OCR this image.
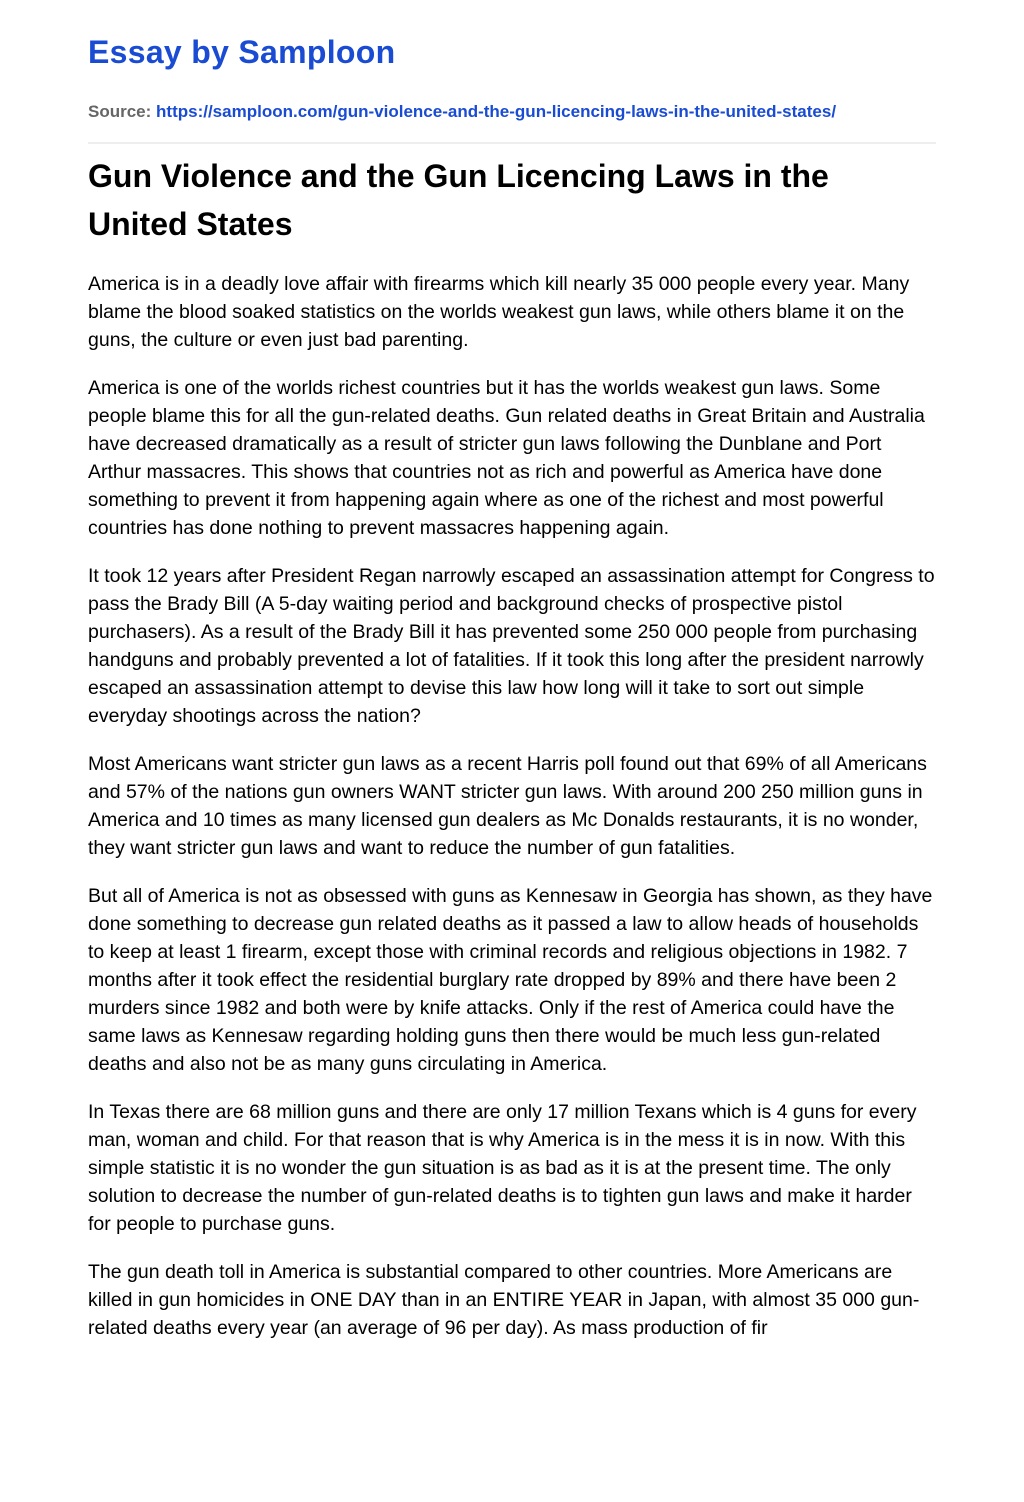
Essay by Samploon
Source: https://samploon.com/gun-violence-and-the-gun-licencing-laws-in-the-united-states/
Gun Violence and the Gun Licencing Laws in the United States

America is in a deadly love affair with firearms which kill nearly 35 000 people every year. Many blame the blood soaked statistics on the worlds weakest gun laws, while others blame it on the guns, the culture or even just bad parenting.

America is one of the worlds richest countries but it has the worlds weakest gun laws. Some people blame this for all the gun-related deaths. Gun related deaths in Great Britain and Australia have decreased dramatically as a result of stricter gun laws following the Dunblane and Port Arthur massacres. This shows that countries not as rich and powerful as America have done something to prevent it from happening again where as one of the richest and most powerful countries has done nothing to prevent massacres happening again.

It took 12 years after President Regan narrowly escaped an assassination attempt for Congress to pass the Brady Bill (A 5-day waiting period and background checks of prospective pistol purchasers). As a result of the Brady Bill it has prevented some 250 000 people from purchasing handguns and probably prevented a lot of fatalities. If it took this long after the president narrowly escaped an assassination attempt to devise this law how long will it take to sort out simple everyday shootings across the nation?

Most Americans want stricter gun laws as a recent Harris poll found out that 69% of all Americans and 57% of the nations gun owners WANT stricter gun laws. With around 200 250 million guns in America and 10 times as many licensed gun dealers as Mc Donalds restaurants, it is no wonder, they want stricter gun laws and want to reduce the number of gun fatalities.

But all of America is not as obsessed with guns as Kennesaw in Georgia has shown, as they have done something to decrease gun related deaths as it passed a law to allow heads of households to keep at least 1 firearm, except those with criminal records and religious objections in 1982. 7 months after it took effect the residential burglary rate dropped by 89% and there have been 2 murders since 1982 and both were by knife attacks. Only if the rest of America could have the same laws as Kennesaw regarding holding guns then there would be much less gun-related deaths and also not be as many guns circulating in America.

In Texas there are 68 million guns and there are only 17 million Texans which is 4 guns for every man, woman and child. For that reason that is why America is in the mess it is in now. With this simple statistic it is no wonder the gun situation is as bad as it is at the present time. The only solution to decrease the number of gun-related deaths is to tighten gun laws and make it harder for people to purchase guns.

The gun death toll in America is substantial compared to other countries. More Americans are killed in gun homicides in ONE DAY than in an ENTIRE YEAR in Japan, with almost 35 000 gun-related deaths every year (an average of 96 per day). As mass production of fir
